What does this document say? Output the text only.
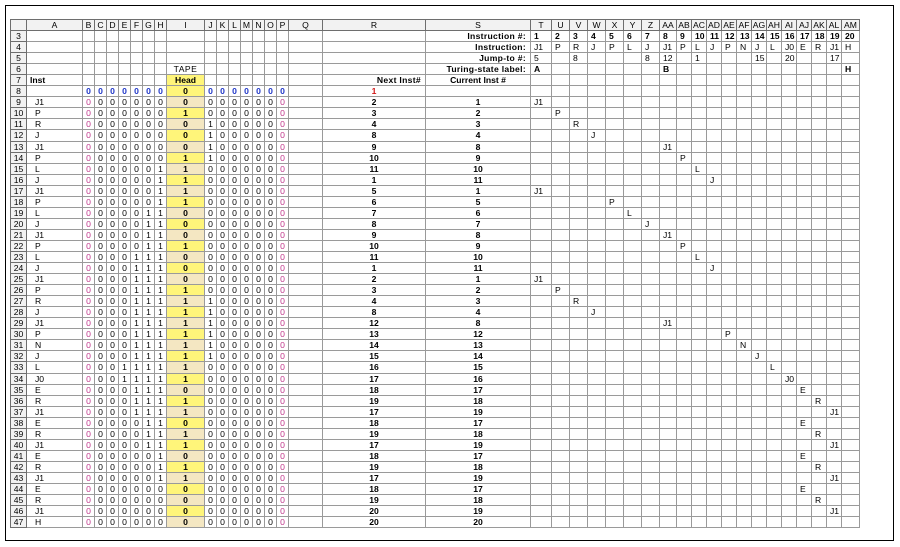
	A	B	C	D	E	F	G	H	I	J	K	L	M	N	O	P	Q	R	S	T	U	V	W	X	Y	Z	AA	AB	AC	AD	AE	AF	AG	AH	AI	AJ	AK	AL	AM
3																			Instruction #:	1	2	3	4	5	6	7	8	9	10	11	12	13	14	15	16	17	18	19	20
4																			Instruction:	J1	P	R	J	P	L	J	J1	P	L	J	P	N	J	L	J0	E	R	J1	H
5																			Jump-to #:	5		8				8	12		1				15		20			17	
6									TAPE										Turing-state label:	A							B												H
7	Inst								Head									Next Inst#	Current Inst #																				
8		0	0	0	0	0	0	0	0	0	0	0	0	0	0	0		1																					
9	J1	0	0	0	0	0	0	0	0	0	0	0	0	0	0	0		2	1	J1																			
10	P	0	0	0	0	0	0	0	1	0	0	0	0	0	0	0		3	2		P																		
11	R	0	0	0	0	0	0	0	0	1	0	0	0	0	0	0		4	3			R																	
12	J	0	0	0	0	0	0	0	0	1	0	0	0	0	0	0		8	4				J																
13	J1	0	0	0	0	0	0	0	0	1	0	0	0	0	0	0		9	8								J1												
14	P	0	0	0	0	0	0	0	1	1	0	0	0	0	0	0		10	9									P											
15	L	0	0	0	0	0	0	1	1	0	0	0	0	0	0	0		11	10										L										
16	J	0	0	0	0	0	0	1	1	0	0	0	0	0	0	0		1	11											J									
17	J1	0	0	0	0	0	0	1	1	0	0	0	0	0	0	0		5	1	J1																			
18	P	0	0	0	0	0	0	1	1	0	0	0	0	0	0	0		6	5					P															
19	L	0	0	0	0	0	1	1	0	0	0	0	0	0	0	0		7	6						L														
20	J	0	0	0	0	0	1	1	0	0	0	0	0	0	0	0		8	7							J													
21	J1	0	0	0	0	0	1	1	0	0	0	0	0	0	0	0		9	8								J1												
22	P	0	0	0	0	0	1	1	1	0	0	0	0	0	0	0		10	9									P											
23	L	0	0	0	0	1	1	1	0	0	0	0	0	0	0	0		11	10										L										
24	J	0	0	0	0	1	1	1	0	0	0	0	0	0	0	0		1	11											J									
25	J1	0	0	0	0	1	1	1	0	0	0	0	0	0	0	0		2	1	J1																			
26	P	0	0	0	0	1	1	1	1	0	0	0	0	0	0	0		3	2		P																		
27	R	0	0	0	0	1	1	1	1	1	0	0	0	0	0	0		4	3			R																	
28	J	0	0	0	0	1	1	1	1	1	0	0	0	0	0	0		8	4				J																
29	J1	0	0	0	0	1	1	1	1	1	0	0	0	0	0	0		12	8								J1												
30	P	0	0	0	0	1	1	1	1	1	0	0	0	0	0	0		13	12												P								
31	N	0	0	0	0	1	1	1	1	1	0	0	0	0	0	0		14	13													N							
32	J	0	0	0	0	1	1	1	1	1	0	0	0	0	0	0		15	14														J						
33	L	0	0	0	1	1	1	1	1	0	0	0	0	0	0	0		16	15															L					
34	J0	0	0	0	1	1	1	1	1	0	0	0	0	0	0	0		17	16																J0				
35	E	0	0	0	0	1	1	1	0	0	0	0	0	0	0	0		18	17																	E			
36	R	0	0	0	0	1	1	1	1	0	0	0	0	0	0	0		19	18																		R		
37	J1	0	0	0	0	1	1	1	1	0	0	0	0	0	0	0		17	19																			J1	
38	E	0	0	0	0	0	1	1	0	0	0	0	0	0	0	0		18	17																	E			
39	R	0	0	0	0	0	1	1	1	0	0	0	0	0	0	0		19	18																		R		
40	J1	0	0	0	0	0	1	1	1	0	0	0	0	0	0	0		17	19																			J1	
41	E	0	0	0	0	0	0	1	0	0	0	0	0	0	0	0		18	17																	E			
42	R	0	0	0	0	0	0	1	1	0	0	0	0	0	0	0		19	18																		R		
43	J1	0	0	0	0	0	0	1	1	0	0	0	0	0	0	0		17	19																			J1	
44	E	0	0	0	0	0	0	0	0	0	0	0	0	0	0	0		18	17																	E			
45	R	0	0	0	0	0	0	0	0	0	0	0	0	0	0	0		19	18																		R		
46	J1	0	0	0	0	0	0	0	0	0	0	0	0	0	0	0		20	19																			J1	
47	H	0	0	0	0	0	0	0	0	0	0	0	0	0	0	0		20	20																				
